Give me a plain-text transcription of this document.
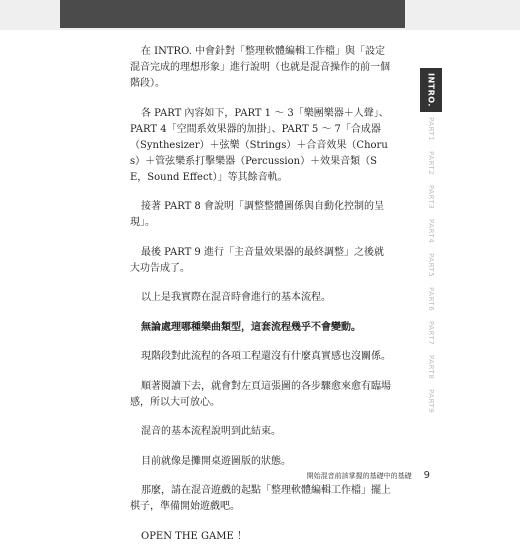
在 INTRO. 中會針對「整理軟體編輯工作檔」與「設定混音完成的理想形象」進行說明（也就是混音操作的前一個階段）。

各 PART 內容如下，PART 1 ～ 3「樂團樂器＋人聲」、PART 4「空間系效果器的加掛」、PART 5 ～ 7「合成器（Synthesizer）＋弦樂（Strings）＋合音效果（Chorus）＋管弦樂系打擊樂器（Percussion）＋效果音類（SE，Sound Effect）」等其餘音軌。

接著 PART 8 會說明「調整整體圖係與自動化控制的呈現」。

最後 PART 9 進行「主音量效果器的最終調整」之後就大功告成了。

以上是我實際在混音時會進行的基本流程。

無論處理哪種樂曲類型，這套流程幾乎不會變動。

現階段對此流程的各項工程還沒有什麼真實感也沒關係。

順著閱讀下去，就會對左頁這張圖的各步驟愈來愈有臨場感，所以大可放心。

混音的基本流程說明到此結束。

目前就像是攤開桌遊圖版的狀態。

那麼，請在混音遊戲的起點「整理軟體編輯工作檔」擺上棋子，準備開始遊戲吧。

OPEN THE GAME ！

INTRO.
PART1
PART2
PART3
PART4
PART5
PART6
PART7
PART8
PART9
開始混音前該掌握的基礎中的基礎 9
